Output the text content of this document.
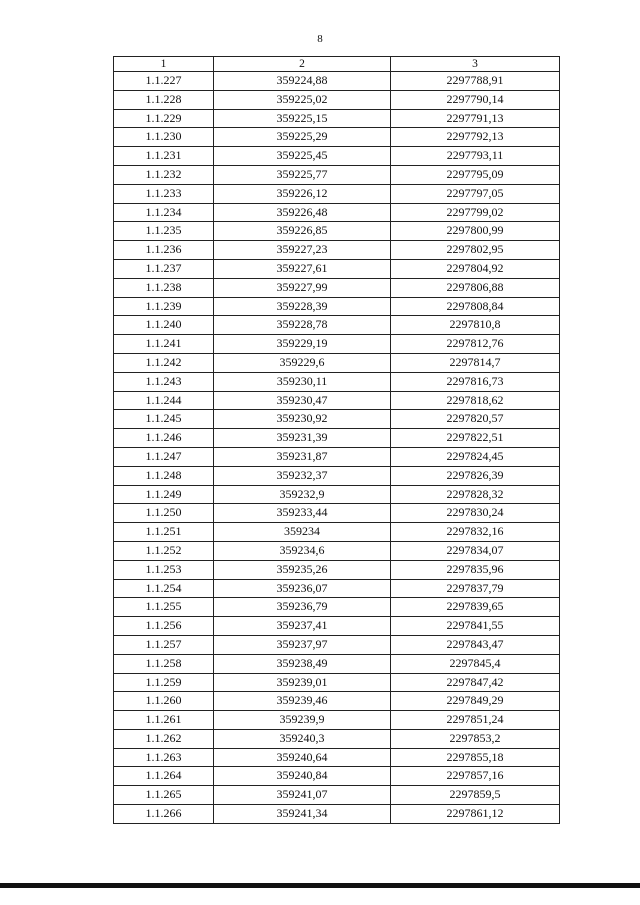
8
1	2	3
1.1.227	359224,88	2297788,91
1.1.228	359225,02	2297790,14
1.1.229	359225,15	2297791,13
1.1.230	359225,29	2297792,13
1.1.231	359225,45	2297793,11
1.1.232	359225,77	2297795,09
1.1.233	359226,12	2297797,05
1.1.234	359226,48	2297799,02
1.1.235	359226,85	2297800,99
1.1.236	359227,23	2297802,95
1.1.237	359227,61	2297804,92
1.1.238	359227,99	2297806,88
1.1.239	359228,39	2297808,84
1.1.240	359228,78	2297810,8
1.1.241	359229,19	2297812,76
1.1.242	359229,6	2297814,7
1.1.243	359230,11	2297816,73
1.1.244	359230,47	2297818,62
1.1.245	359230,92	2297820,57
1.1.246	359231,39	2297822,51
1.1.247	359231,87	2297824,45
1.1.248	359232,37	2297826,39
1.1.249	359232,9	2297828,32
1.1.250	359233,44	2297830,24
1.1.251	359234	2297832,16
1.1.252	359234,6	2297834,07
1.1.253	359235,26	2297835,96
1.1.254	359236,07	2297837,79
1.1.255	359236,79	2297839,65
1.1.256	359237,41	2297841,55
1.1.257	359237,97	2297843,47
1.1.258	359238,49	2297845,4
1.1.259	359239,01	2297847,42
1.1.260	359239,46	2297849,29
1.1.261	359239,9	2297851,24
1.1.262	359240,3	2297853,2
1.1.263	359240,64	2297855,18
1.1.264	359240,84	2297857,16
1.1.265	359241,07	2297859,5
1.1.266	359241,34	2297861,12
